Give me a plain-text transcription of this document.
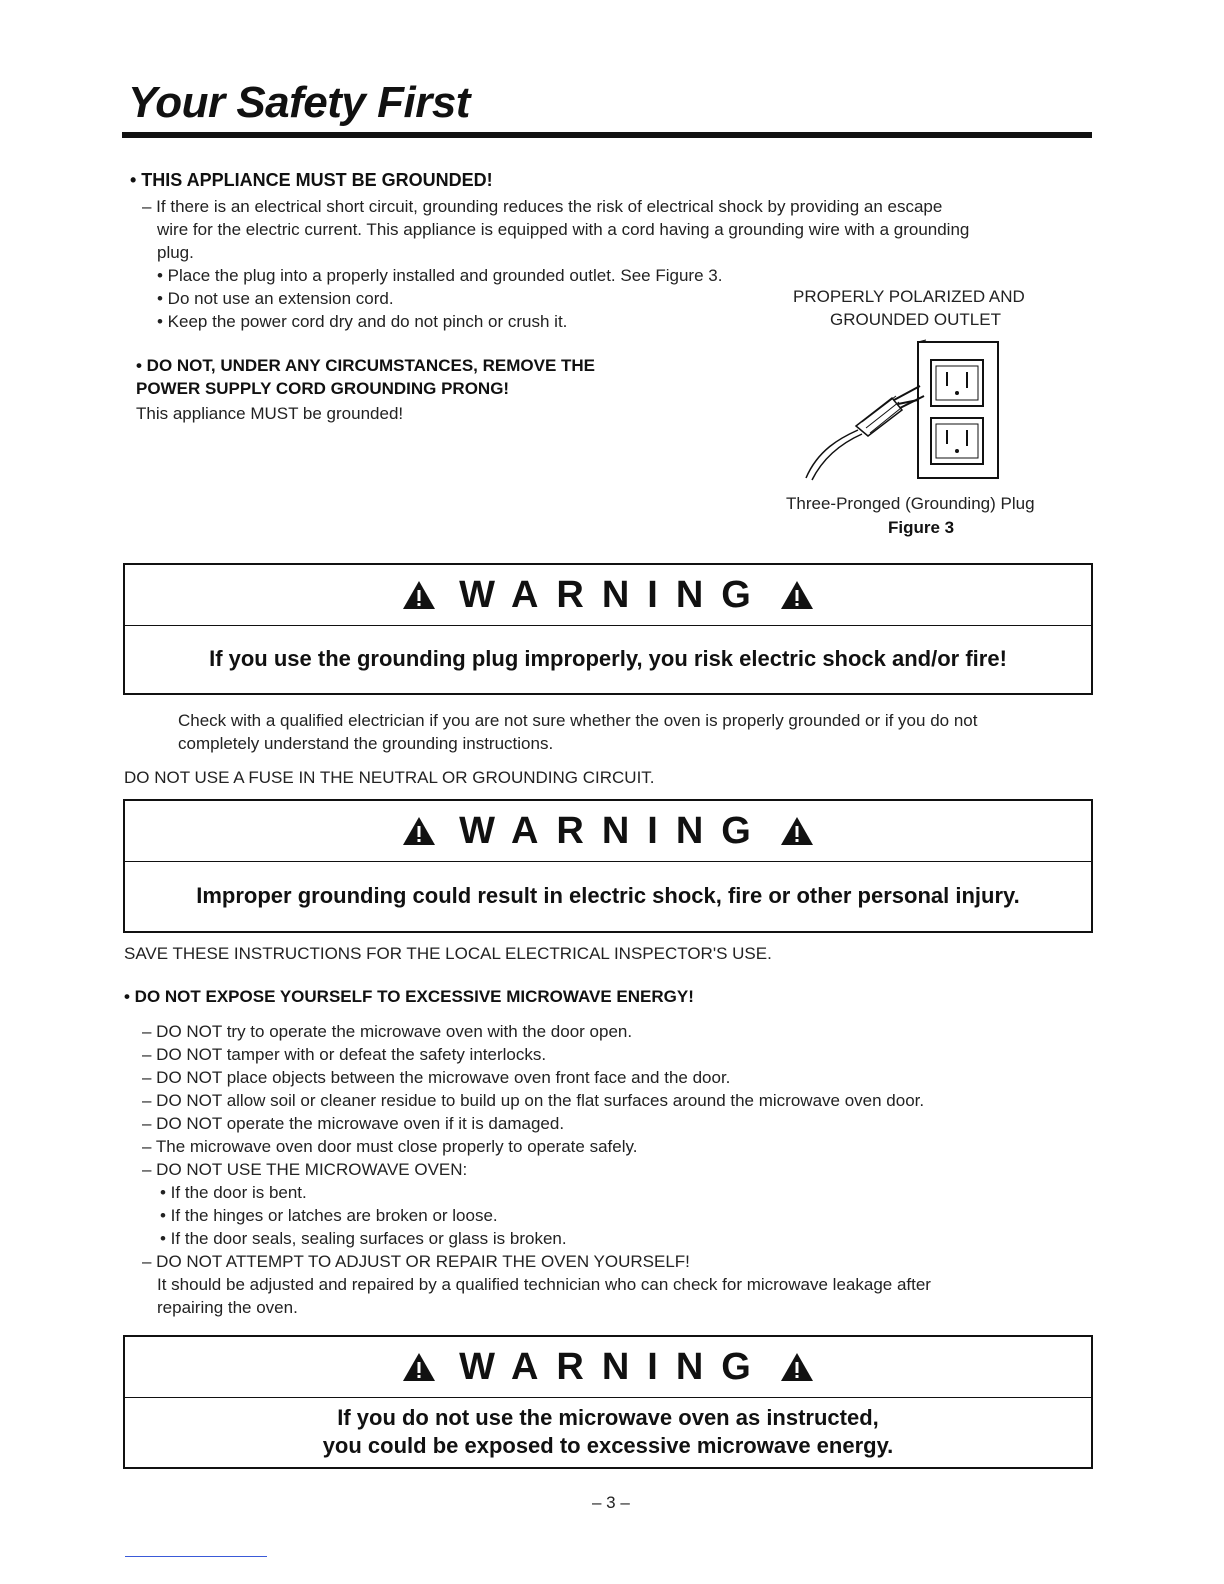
Your Safety First
• THIS APPLIANCE MUST BE GROUNDED!
– If there is an electrical short circuit, grounding reduces the risk of electrical shock by providing an escape
wire for the electric current. This appliance is equipped with a cord having a grounding wire with a grounding
plug.
• Place the plug into a properly installed and grounded outlet. See Figure 3.
• Do not use an extension cord.
• Keep the power cord dry and do not pinch or crush it.
PROPERLY POLARIZED AND
GROUNDED OUTLET
• DO NOT, UNDER ANY CIRCUMSTANCES, REMOVE THE
POWER SUPPLY CORD GROUNDING PRONG!
This appliance MUST be grounded!
Three-Pronged (Grounding) Plug
Figure 3
WARNING
If you use the grounding plug improperly, you risk electric shock and/or fire!
Check with a qualified electrician if you are not sure whether the oven is properly grounded or if you do not
completely understand the grounding instructions.
DO NOT USE A FUSE IN THE NEUTRAL OR GROUNDING CIRCUIT.
WARNING
Improper grounding could result in electric shock, fire or other personal injury.
SAVE THESE INSTRUCTIONS FOR THE LOCAL ELECTRICAL INSPECTOR'S USE.
• DO NOT EXPOSE YOURSELF TO EXCESSIVE MICROWAVE ENERGY!
– DO NOT try to operate the microwave oven with the door open.
– DO NOT tamper with or defeat the safety interlocks.
– DO NOT place objects between the microwave oven front face and the door.
– DO NOT allow soil or cleaner residue to build up on the flat surfaces around the microwave oven door.
– DO NOT operate the microwave oven if it is damaged.
– The microwave oven door must close properly to operate safely.
– DO NOT USE THE MICROWAVE OVEN:
• If the door is bent.
• If the hinges or latches are broken or loose.
• If the door seals, sealing surfaces or glass is broken.
– DO NOT ATTEMPT TO ADJUST OR REPAIR THE OVEN YOURSELF!
It should be adjusted and repaired by a qualified technician who can check for microwave leakage after
repairing the oven.
WARNING
If you do not use the microwave oven as instructed,
you could be exposed to excessive microwave energy.
– 3 –
